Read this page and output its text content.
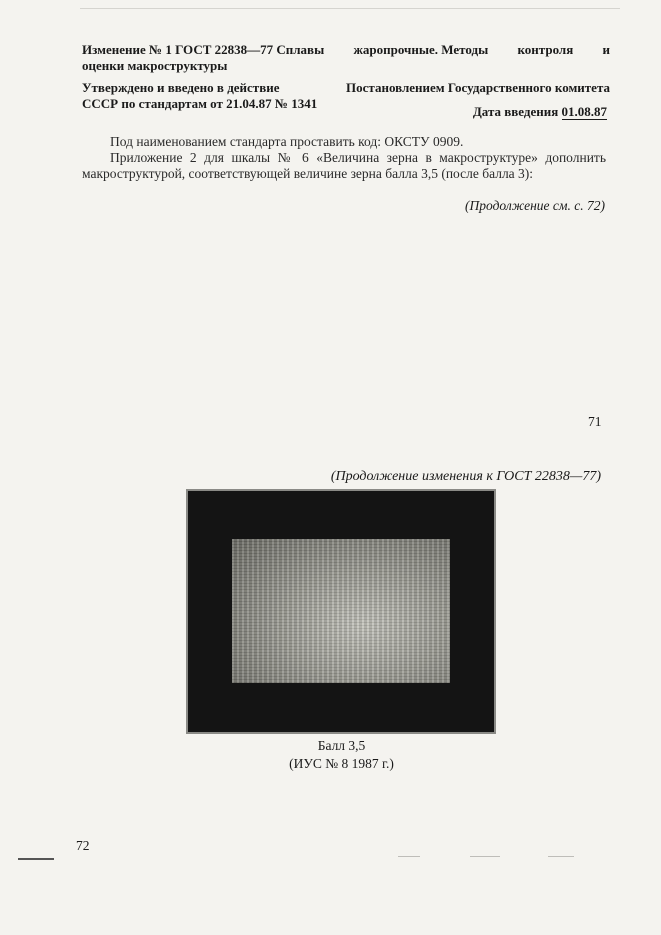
Изменение № 1 ГОСТ 22838—77 Сплавы жаропрочные. Методы контроля и
оценки макроструктуры
Утверждено и введено в действие	Постановлением Государственного комитета
СССР по стандартам от 21.04.87 № 1341
Дата введения 01.08.87

Под наименованием стандарта проставить код: ОКСТУ 0909.

Приложение 2 для шкалы № 6 «Величина зерна в макроструктуре» дополнить макроструктурой, соответствующей величине зерна балла 3,5 (после балла 3):

(Продолжение см. с. 72)
71
(Продолжение изменения к ГОСТ 22838—77)
Балл 3,5
(ИУС № 8 1987 г.)
72
